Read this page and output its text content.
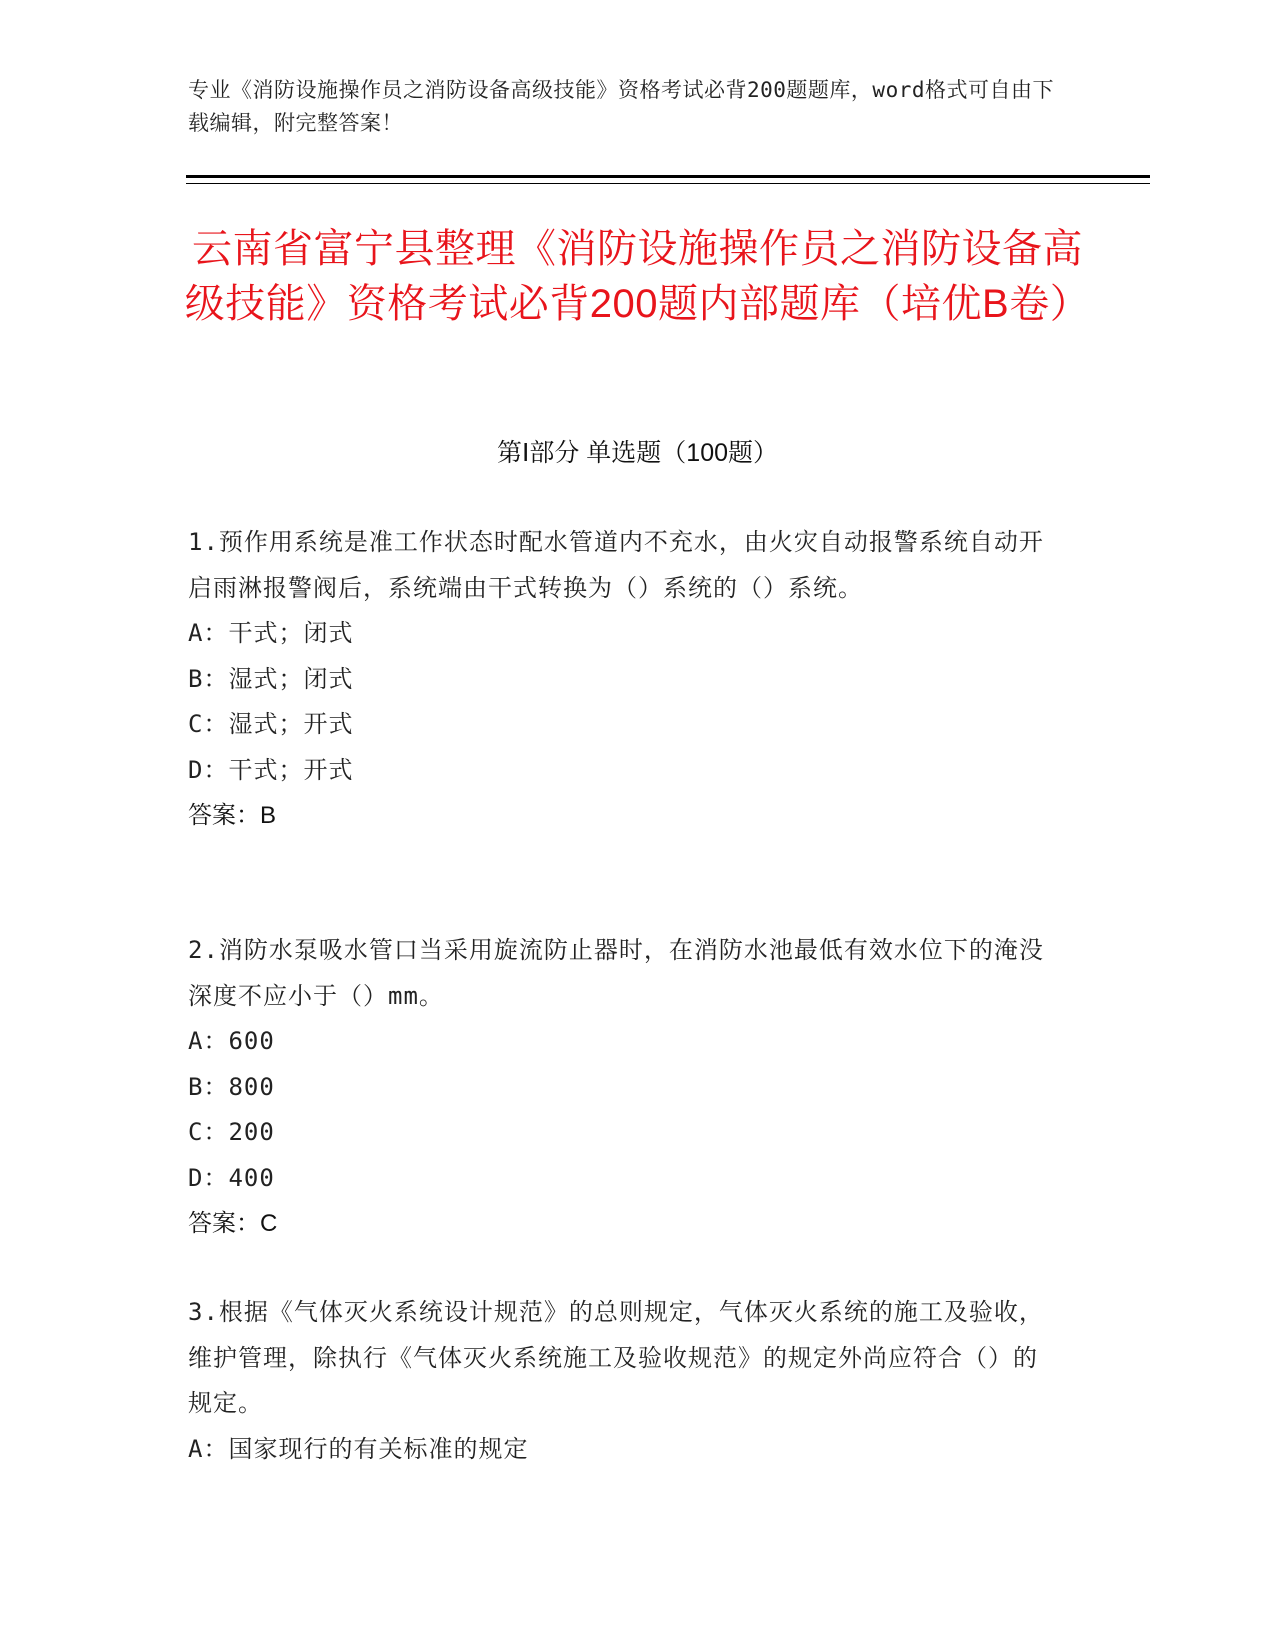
专业《消防设施操作员之消防设备高级技能》资格考试必背200题题库，word格式可自由下载编辑，附完整答案！
云南省富宁县整理《消防设施操作员之消防设备高级技能》资格考试必背200题内部题库（培优B卷）
第Ⅰ部分 单选题（100题）
1.预作用系统是准工作状态时配水管道内不充水，由火灾自动报警系统自动开启雨淋报警阀后，系统端由干式转换为（）系统的（）系统。
A：干式；闭式
B：湿式；闭式
C：湿式；开式
D：干式；开式
答案：B
2.消防水泵吸水管口当采用旋流防止器时，在消防水池最低有效水位下的淹没深度不应小于（）mm。
A：600
B：800
C：200
D：400
答案：C
3.根据《气体灭火系统设计规范》的总则规定，气体灭火系统的施工及验收，维护管理，除执行《气体灭火系统施工及验收规范》的规定外尚应符合（）的规定。
A：国家现行的有关标准的规定
